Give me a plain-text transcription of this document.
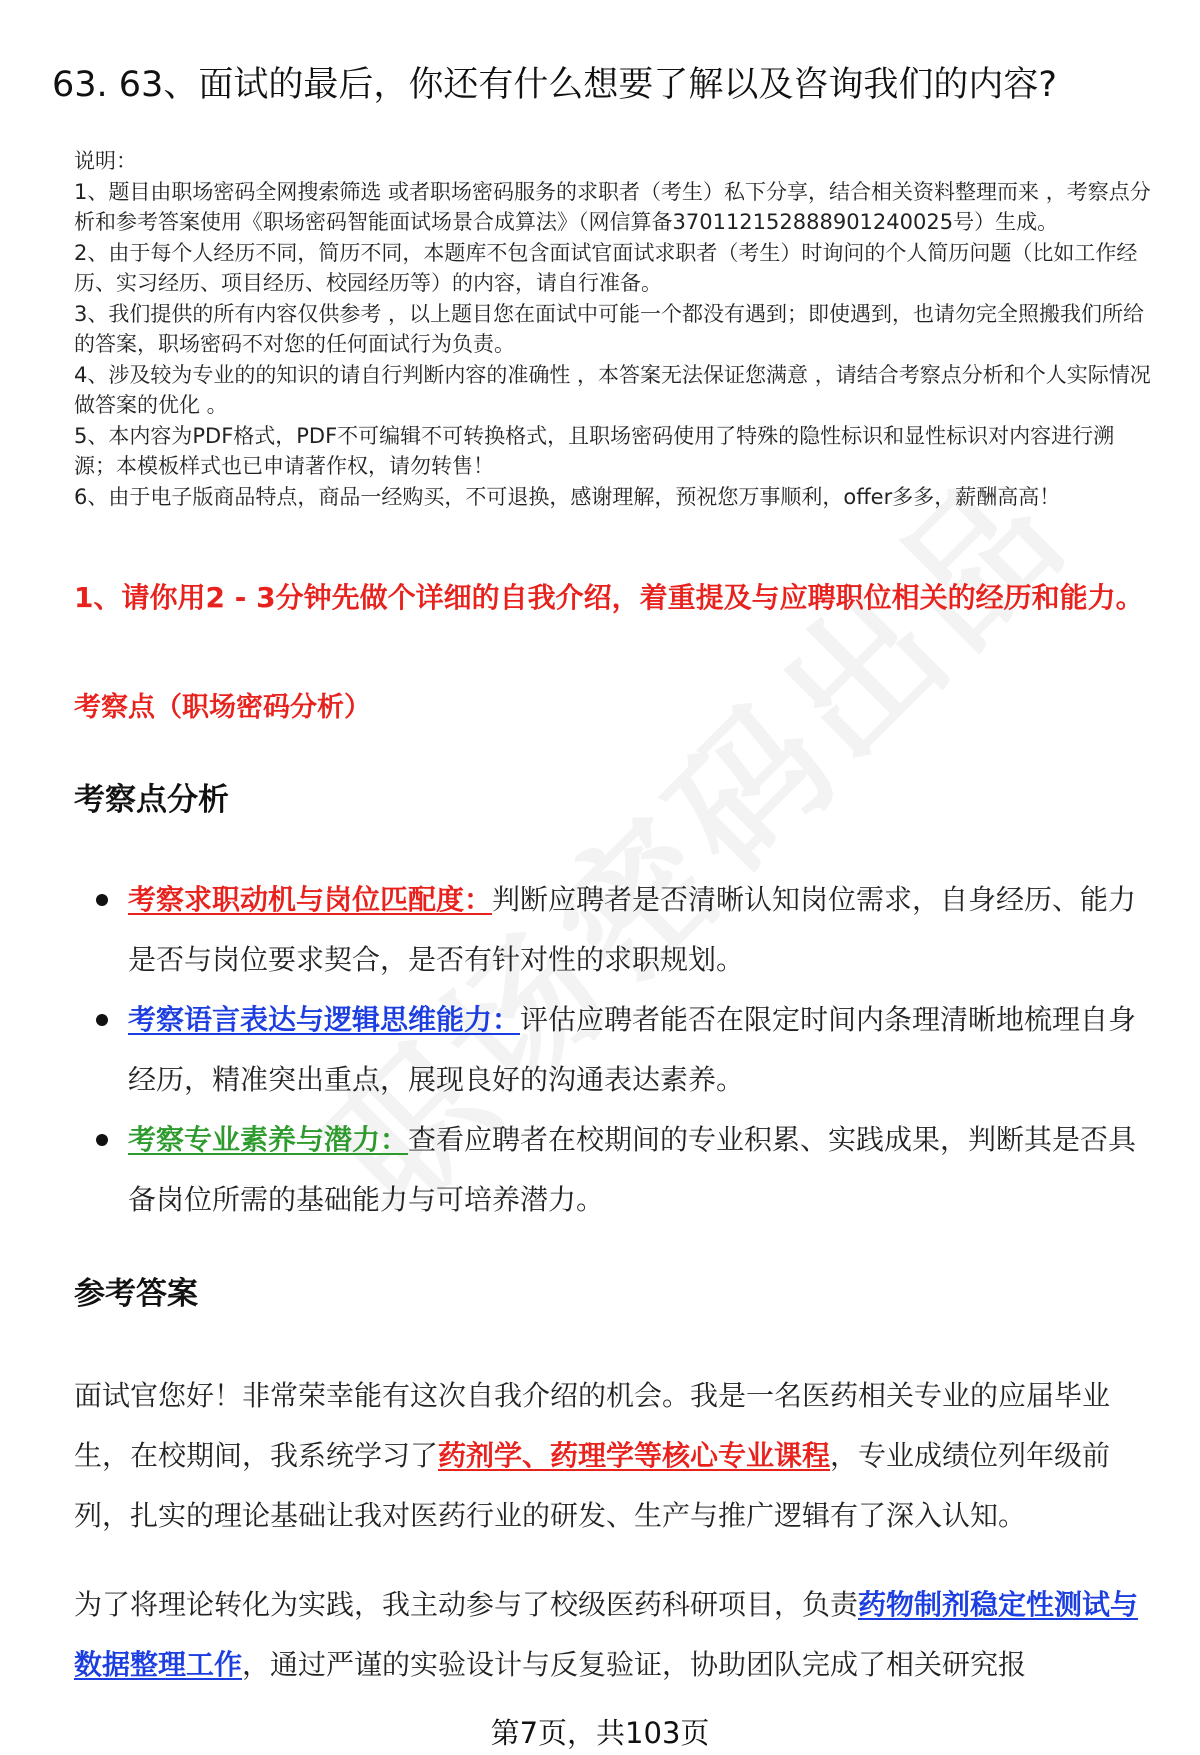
63. 63、面试的最后，你还有什么想要了解以及咨询我们的内容?

说明：

1、题目由职场密码全网搜索筛选 或者职场密码服务的求职者（考生）私下分享，结合相关资料整理而来 ，考察点分析和参考答案使用《职场密码智能面试场景合成算法》（网信算备370112152888901240025号）生成。

2、由于每个人经历不同，简历不同，本题库不包含面试官面试求职者（考生）时询问的个人简历问题（比如工作经历、实习经历、项目经历、校园经历等）的内容，请自行准备。

3、我们提供的所有内容仅供参考 ，以上题目您在面试中可能一个都没有遇到；即使遇到，也请勿完全照搬我们所给的答案，职场密码不对您的任何面试行为负责。

4、涉及较为专业的的知识的请自行判断内容的准确性 ，本答案无法保证您满意 ，请结合考察点分析和个人实际情况做答案的优化 。

5、本内容为PDF格式，PDF不可编辑不可转换格式，且职场密码使用了特殊的隐性标识和显性标识对内容进行溯源；本模板样式也已申请著作权，请勿转售！

6、由于电子版商品特点，商品一经购买，不可退换，感谢理解，预祝您万事顺利，offer多多，薪酬高高！

1、请你用2 - 3分钟先做个详细的自我介绍，着重提及与应聘职位相关的经历和能力。
考察点（职场密码分析）
考察点分析
考察求职动机与岗位匹配度：判断应聘者是否清晰认知岗位需求，自身经历、能力是否与岗位要求契合，是否有针对性的求职规划。
考察语言表达与逻辑思维能力：评估应聘者能否在限定时间内条理清晰地梳理自身经历，精准突出重点，展现良好的沟通表达素养。
考察专业素养与潜力：查看应聘者在校期间的专业积累、实践成果，判断其是否具备岗位所需的基础能力与可培养潜力。
参考答案

面试官您好！非常荣幸能有这次自我介绍的机会。我是一名医药相关专业的应届毕业生，在校期间，我系统学习了药剂学、药理学等核心专业课程，专业成绩位列年级前列，扎实的理论基础让我对医药行业的研发、生产与推广逻辑有了深入认知。

为了将理论转化为实践，我主动参与了校级医药科研项目，负责药物制剂稳定性测试与数据整理工作，通过严谨的实验设计与反复验证，协助团队完成了相关研究报

第7页，共103页
